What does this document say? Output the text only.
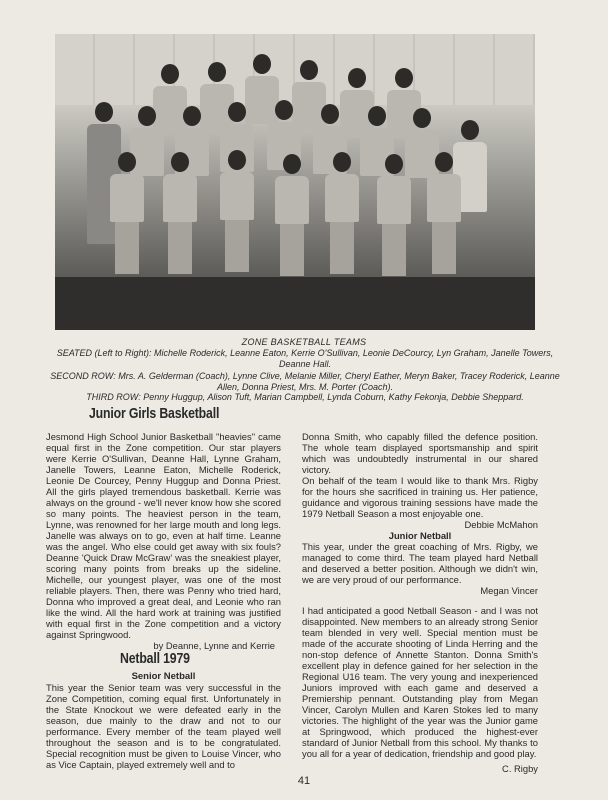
ZONE BASKETBALL TEAMS
SEATED (Left to Right): Michelle Roderick, Leanne Eaton, Kerrie O'Sullivan, Leonie DeCourcy, Lyn Graham, Janelle Towers, Deanne Hall.
SECOND ROW: Mrs. A. Gelderman (Coach), Lynne Clive, Melanie Miller, Cheryl Eather, Meryn Baker, Tracey Roderick, Leanne Allen, Donna Priest, Mrs. M. Porter (Coach).
THIRD ROW: Penny Huggup, Alison Tuft, Marian Campbell, Lynda Coburn, Kathy Fekonja, Debbie Sheppard.
Junior Girls Basketball

Jesmond High School Junior Basketball "heavies" came equal first in the Zone competition. Our star players were Kerrie O'Sullivan, Deanne Hall, Lynne Graham, Janelle Towers, Leanne Eaton, Michelle Roderick, Leonie De Courcey, Penny Huggup and Donna Priest. All the girls played tremendous basketball. Kerrie was always on the ground - we'll never know how she scored so many points. The heaviest person in the team, Lynne, was renowned for her large mouth and long legs. Janelle was always on to go, even at half time. Leanne was the angel. Who else could get away with six fouls? Deanne 'Quick Draw McGraw' was the sneakiest player, scoring many points from breaks up the sideline. Michelle, our youngest player, was one of the most reliable players. Then, there was Penny who tried hard, Donna who improved a great deal, and Leonie who ran like the wind. All the hard work at training was justified with equal first in the Zone competition and a victory against Springwood.

by Deanne, Lynne and Kerrie

Netball 1979
Senior Netball

This year the Senior team was very successful in the Zone Competition, coming equal first. Unfortunately in the State Knockout we were defeated early in the season, due mainly to the draw and not to our performance. Every member of the team played well throughout the season and is to be congratulated. Special recognition must be given to Louise Vincer, who as Vice Captain, played extremely well and to

Donna Smith, who capably filled the defence position. The whole team displayed sportsmanship and spirit which was undoubtedly instrumental in our shared victory.

On behalf of the team I would like to thank Mrs. Rigby for the hours she sacrificed in training us. Her patience, guidance and vigorous training sessions have made the 1979 Netball Season a most enjoyable one.

Debbie McMahon

Junior Netball

This year, under the great coaching of Mrs. Rigby, we managed to come third. The team played hard Netball and deserved a better position. Although we didn't win, we are very proud of our performance.

Megan Vincer

I had anticipated a good Netball Season - and I was not disappointed. New members to an already strong Senior team blended in very well. Special mention must be made of the accurate shooting of Linda Herring and the non-stop defence of Annette Stanton. Donna Smith's excellent play in defence gained for her selection in the Regional U16 team. The very young and inexperienced Juniors improved with each game and deserved a Premiership pennant. Outstanding play from Megan Vincer, Carolyn Mullen and Karen Stokes led to many victories. The highlight of the year was the Junior game at Springwood, which produced the highest-ever standard of Junior Netball from this school. My thanks to you all for a year of dedication, friendship and good play.

C. Rigby

41
